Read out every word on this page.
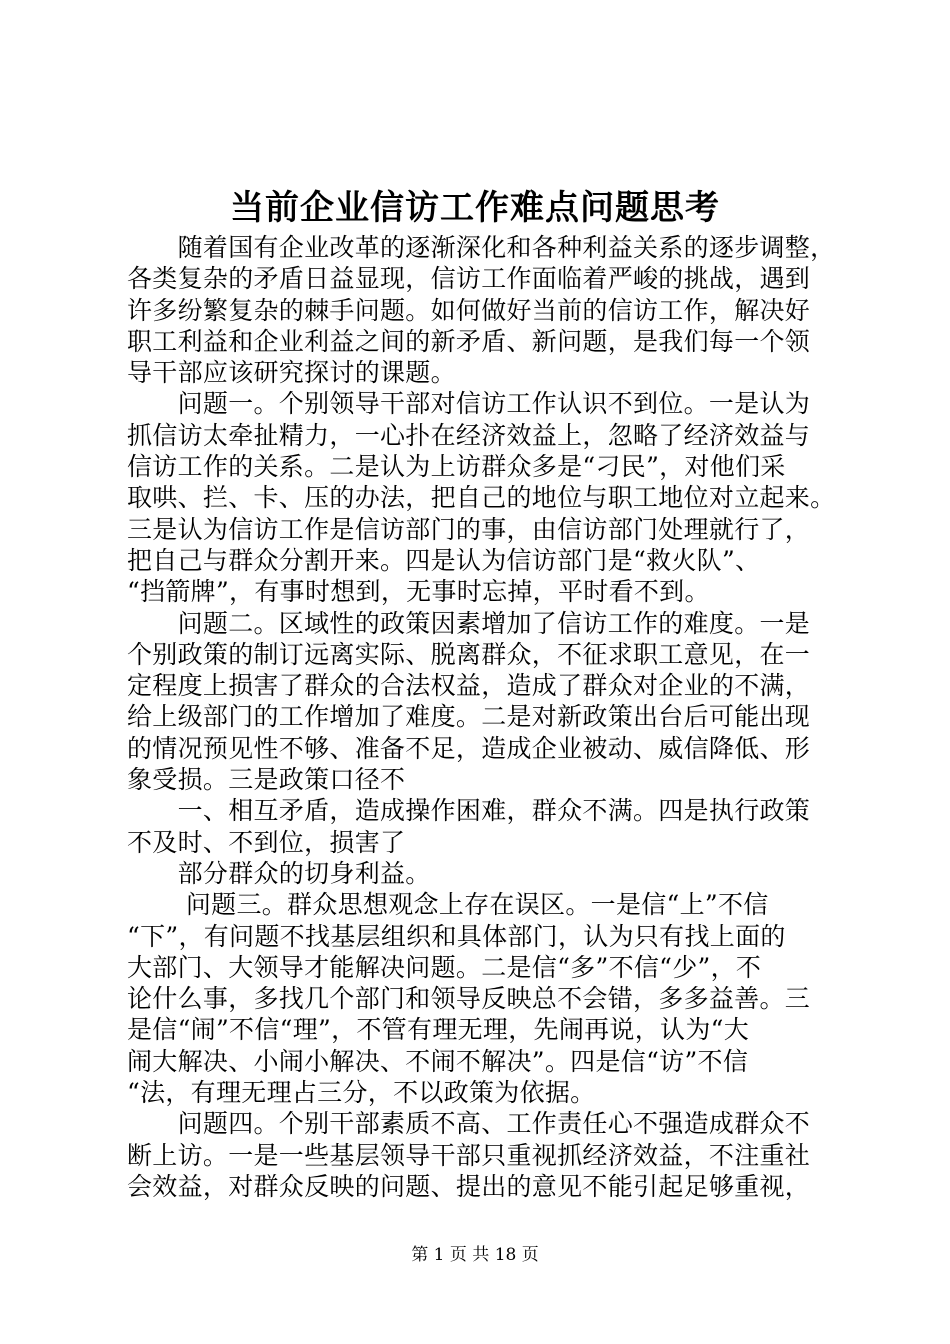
当前企业信访工作难点问题思考
　　随着国有企业改革的逐渐深化和各种利益关系的逐步调整，
各类复杂的矛盾日益显现，信访工作面临着严峻的挑战，遇到
许多纷繁复杂的棘手问题。如何做好当前的信访工作，解决好
职工利益和企业利益之间的新矛盾、新问题，是我们每一个领
导干部应该研究探讨的课题。
　　问题一。个别领导干部对信访工作认识不到位。一是认为
抓信访太牵扯精力，一心扑在经济效益上，忽略了经济效益与
信访工作的关系。二是认为上访群众多是“刁民”，对他们采
取哄、拦、卡、压的办法，把自己的地位与职工地位对立起来。
三是认为信访工作是信访部门的事，由信访部门处理就行了，
把自己与群众分割开来。四是认为信访部门是“救火队”、
“挡箭牌”，有事时想到，无事时忘掉，平时看不到。
　　问题二。区域性的政策因素增加了信访工作的难度。一是
个别政策的制订远离实际、脱离群众，不征求职工意见，在一
定程度上损害了群众的合法权益，造成了群众对企业的不满，
给上级部门的工作增加了难度。二是对新政策出台后可能出现
的情况预见性不够、准备不足，造成企业被动、威信降低、形
象受损。三是政策口径不
　　一、相互矛盾，造成操作困难，群众不满。四是执行政策
不及时、不到位，损害了
　　部分群众的切身利益。
　　 问题三。群众思想观念上存在误区。一是信“上”不信
“下”，有问题不找基层组织和具体部门，认为只有找上面的
大部门、大领导才能解决问题。二是信“多”不信“少”，不
论什么事，多找几个部门和领导反映总不会错，多多益善。三
是信“闹”不信“理”，不管有理无理，先闹再说，认为“大
闹大解决、小闹小解决、不闹不解决”。四是信“访”不信
“法，有理无理占三分，不以政策为依据。
　　问题四。个别干部素质不高、工作责任心不强造成群众不
断上访。一是一些基层领导干部只重视抓经济效益，不注重社
会效益，对群众反映的问题、提出的意见不能引起足够重视，
第 1 页 共 18 页
